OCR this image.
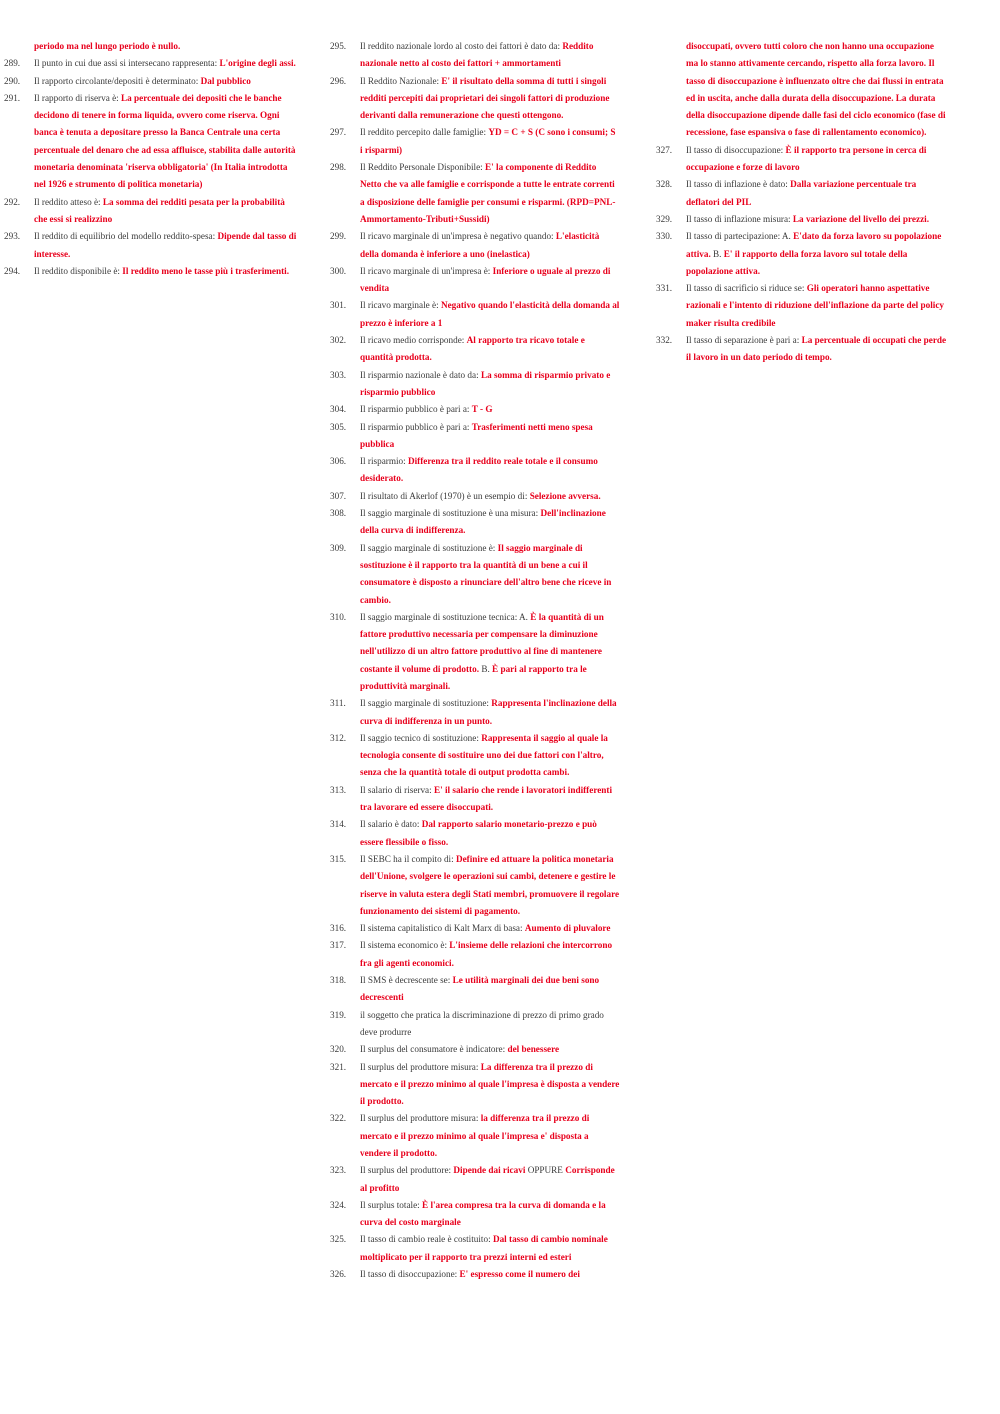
periodo ma nel lungo periodo è nullo.
289.	Il punto in cui due assi si intersecano rappresenta: L'origine degli assi.
290.	Il rapporto circolante/depositi è determinato: Dal pubblico
291.	Il rapporto di riserva è: La percentuale dei depositi che le banche decidono di tenere in forma liquida, ovvero come riserva. Ogni banca è tenuta a depositare presso la Banca Centrale una certa percentuale del denaro che ad essa affluisce, stabilita dalle autorità monetaria denominata 'riserva obbligatoria' (In Italia introdotta nel 1926 e strumento di politica monetaria)
292.	Il reddito atteso è: La somma dei redditi pesata per la probabilità che essi si realizzino
293.	Il reddito di equilibrio del modello reddito-spesa: Dipende dal tasso di interesse.
294.	Il reddito disponibile è: Il reddito meno le tasse più i trasferimenti.
295.	Il reddito nazionale lordo al costo dei fattori è dato da: Reddito nazionale netto al costo dei fattori + ammortamenti
296.	Il Reddito Nazionale: E' il risultato della somma di tutti i singoli redditi percepiti dai proprietari dei singoli fattori di produzione derivanti dalla remunerazione che questi ottengono.
297.	Il reddito percepito dalle famiglie: YD = C + S (C sono i consumi; S i risparmi)
298.	Il Reddito Personale Disponibile: E' la componente di Reddito Netto che va alle famiglie e corrisponde a tutte le entrate correnti a disposizione delle famiglie per consumi e risparmi. (RPD=PNL-Ammortamento-Tributi+Sussidi)
299.	Il ricavo marginale di un'impresa è negativo quando: L'elasticità della domanda è inferiore a uno (inelastica)
300.	Il ricavo marginale di un'impresa è: Inferiore o uguale al prezzo di vendita
301.	Il ricavo marginale è: Negativo quando l'elasticità della domanda al prezzo è inferiore a 1
302.	Il ricavo medio corrisponde: Al rapporto tra ricavo totale e quantità prodotta.
303.	Il risparmio nazionale è dato da: La somma di risparmio privato e risparmio pubblico
304.	Il risparmio pubblico è pari a: T - G
305.	Il risparmio pubblico è pari a: Trasferimenti netti meno spesa pubblica
306.	Il risparmio: Differenza tra il reddito reale totale e il consumo desiderato.
307.	Il risultato di Akerlof (1970) è un esempio di: Selezione avversa.
308.	Il saggio marginale di sostituzione è una misura: Dell'inclinazione della curva di indifferenza.
309.	Il saggio marginale di sostituzione è: Il saggio marginale di sostituzione è il rapporto tra la quantità di un bene a cui il consumatore è disposto a rinunciare dell'altro bene che riceve in cambio.
310.	Il saggio marginale di sostituzione tecnica: A. È la quantità di un fattore produttivo necessaria per compensare la diminuzione nell'utilizzo di un altro fattore produttivo al fine di mantenere costante il volume di prodotto. B. È pari al rapporto tra le produttività marginali.
311.	Il saggio marginale di sostituzione: Rappresenta l'inclinazione della curva di indifferenza in un punto.
312.	Il saggio tecnico di sostituzione: Rappresenta il saggio al quale la tecnologia consente di sostituire uno dei due fattori con l'altro, senza che la quantità totale di output prodotta cambi.
313.	Il salario di riserva: E' il salario che rende i lavoratori indifferenti tra lavorare ed essere disoccupati.
314.	Il salario è dato: Dal rapporto salario monetario-prezzo e può essere flessibile o fisso.
315.	Il SEBC ha il compito di: Definire ed attuare la politica monetaria dell'Unione, svolgere le operazioni sui cambi, detenere e gestire le riserve in valuta estera degli Stati membri, promuovere il regolare funzionamento dei sistemi di pagamento.
316.	Il sistema capitalistico di Kalt Marx di basa: Aumento di pluvalore
317.	Il sistema economico è: L'insieme delle relazioni che intercorrono fra gli agenti economici.
318.	Il SMS è decrescente se: Le utilità marginali dei due beni sono decrescenti
319.	il soggetto che pratica la discriminazione di prezzo di primo grado deve produrre
320.	Il surplus del consumatore è indicatore: del benessere
321.	Il surplus del produttore misura: La differenza tra il prezzo di mercato e il prezzo minimo al quale l'impresa è disposta a vendere il prodotto.
322.	Il surplus del produttore misura: la differenza tra il prezzo di mercato e il prezzo minimo al quale l'impresa e' disposta a vendere il prodotto.
323.	Il surplus del produttore: Dipende dai ricavi OPPURE Corrisponde al profitto
324.	Il surplus totale: È l'area compresa tra la curva di domanda e la curva del costo marginale
325.	Il tasso di cambio reale è costituito: Dal tasso di cambio nominale moltiplicato per il rapporto tra prezzi interni ed esteri
326.	Il tasso di disoccupazione: E' espresso come il numero dei
disoccupati, ovvero tutti coloro che non hanno una occupazione ma lo stanno attivamente cercando, rispetto alla forza lavoro. Il tasso di disoccupazione è influenzato oltre che dai flussi in entrata ed in uscita, anche dalla durata della disoccupazione. La durata della disoccupazione dipende dalle fasi del ciclo economico (fase di recessione, fase espansiva o fase di rallentamento economico).
327.	Il tasso di disoccupazione: È il rapporto tra persone in cerca di occupazione e forze di lavoro
328.	Il tasso di inflazione è dato: Dalla variazione percentuale tra deflatori del PIL
329.	Il tasso di inflazione misura: La variazione del livello dei prezzi.
330.	Il tasso di partecipazione: A. E'dato da forza lavoro su popolazione attiva. B. E' il rapporto della forza lavoro sul totale della popolazione attiva.
331.	Il tasso di sacrificio si riduce se: Gli operatori hanno aspettative razionali e l'intento di riduzione dell'inflazione da parte del policy maker risulta credibile
332.	Il tasso di separazione è pari a: La percentuale di occupati che perde il lavoro in un dato periodo di tempo.
